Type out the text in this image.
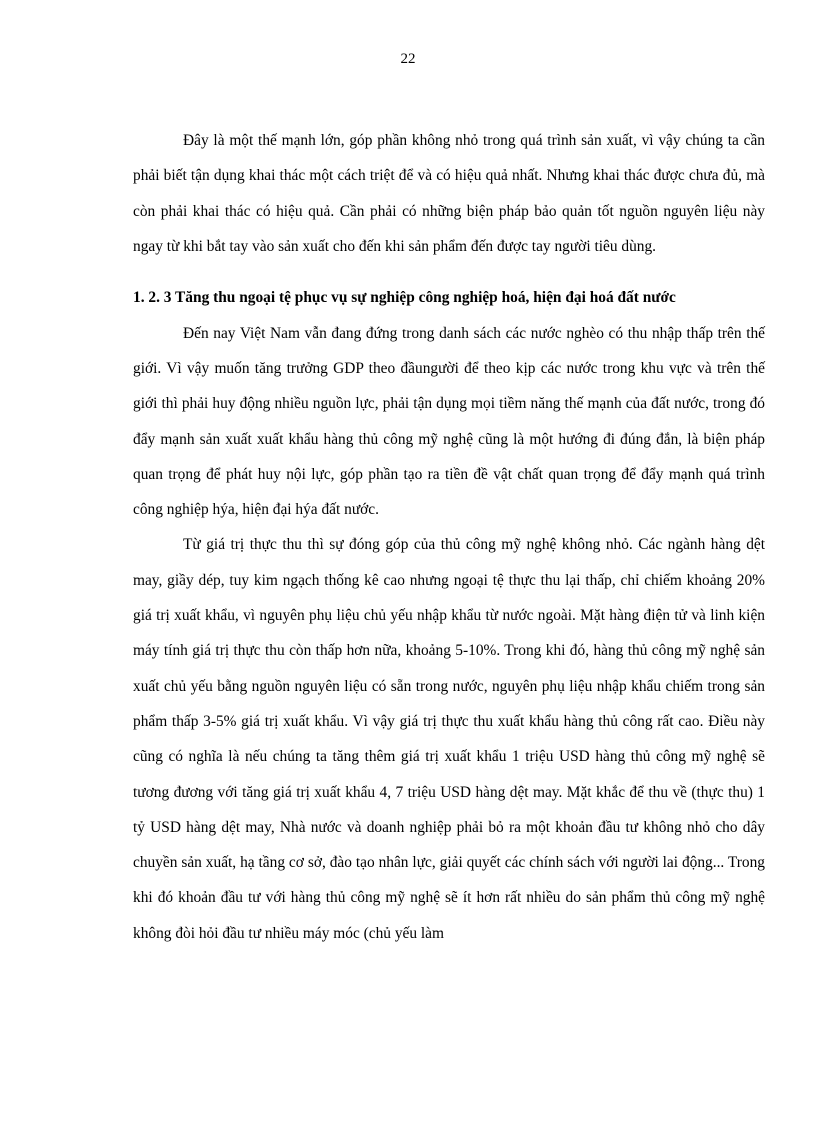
22

Đây là một thế mạnh lớn, góp phần không nhỏ trong quá trình sản xuất, vì vậy chúng ta cần phải biết tận dụng khai thác một cách triệt để và có hiệu quả nhất. Nhưng khai thác được chưa đủ, mà còn phải khai thác có hiệu quả. Cần phải có những biện pháp bảo quản tốt nguồn nguyên liệu này ngay từ khi bắt tay vào sản xuất cho đến khi sản phẩm đến được tay người tiêu dùng.

1. 2. 3 Tăng thu ngoại tệ phục vụ sự nghiệp công nghiệp hoá, hiện đại hoá đất nước

Đến nay Việt Nam vẫn đang đứng trong danh sách các nước nghèo có thu nhập thấp trên thế giới. Vì vậy muốn tăng trưởng GDP theo đầungười để theo kịp các nước trong khu vực và trên thế giới thì phải huy động nhiều nguồn lực, phải tận dụng mọi tiềm năng thế mạnh của đất nước, trong đó đẩy mạnh sản xuất xuất khẩu hàng thủ công mỹ nghệ cũng là một hướng đi đúng đắn, là biện pháp quan trọng để phát huy nội lực, góp phần tạo ra tiền đề vật chất quan trọng để đẩy mạnh quá trình công nghiệp hýa, hiện đại hýa đất nước.

Từ giá trị thực thu thì sự đóng góp của thủ công mỹ nghệ không nhỏ. Các ngành hàng dệt may, giầy dép, tuy kim ngạch thống kê cao nhưng ngoại tệ thực thu lại thấp, chỉ chiếm khoảng 20% giá trị xuất khẩu, vì nguyên phụ liệu chủ yếu nhập khẩu từ nước ngoài. Mặt hàng điện tử và linh kiện máy tính giá trị thực thu còn thấp hơn nữa, khoảng 5-10%. Trong khi đó, hàng thủ công mỹ nghệ sản xuất chủ yếu bằng nguồn nguyên liệu có sẵn trong nước, nguyên phụ liệu nhập khẩu chiếm trong sản phẩm thấp 3-5% giá trị xuất khẩu. Vì vậy giá trị thực thu xuất khẩu hàng thủ công rất cao. Điều này cũng có nghĩa là nếu chúng ta tăng thêm giá trị xuất khẩu 1 triệu USD hàng thủ công mỹ nghệ sẽ tương đương với tăng giá trị xuất khẩu 4, 7 triệu USD hàng dệt may. Mặt khắc để thu về (thực thu) 1 tỷ USD hàng dệt may, Nhà nước và doanh nghiệp phải bỏ ra một khoản đầu tư không nhỏ cho dây chuyền sản xuất, hạ tầng cơ sở, đào tạo nhân lực, giải quyết các chính sách với người lai động... Trong khi đó khoản đầu tư với hàng thủ công mỹ nghệ sẽ ít hơn rất nhiều do sản phẩm thủ công mỹ nghệ không đòi hỏi đầu tư nhiều máy móc (chủ yếu làm
